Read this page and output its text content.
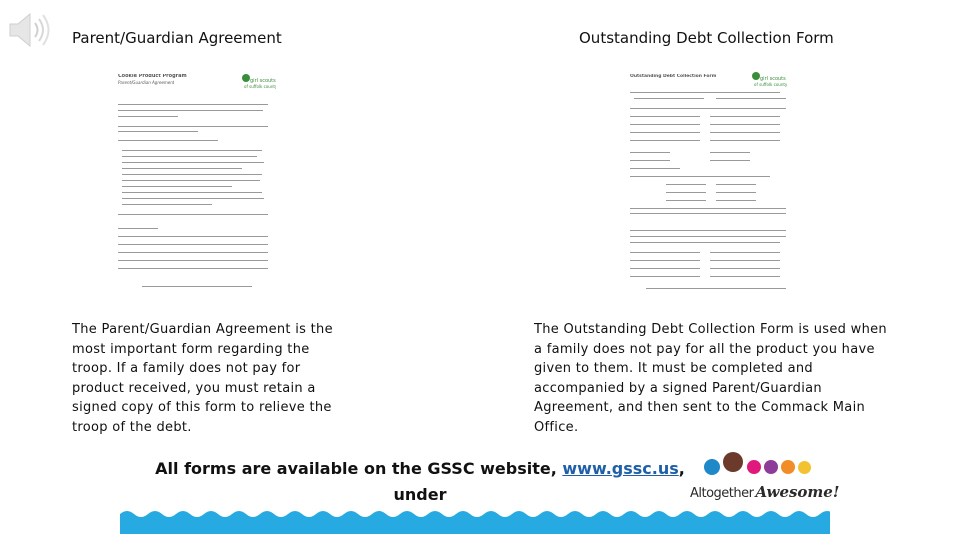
Parent/Guardian Agreement	Outstanding Debt Collection Form
Cookie Product Program
Parent/Guardian Agreement	girl scouts
of suffolk county
Outstanding Debt Collection Form	girl scouts
of suffolk county
The Parent/Guardian Agreement is the most important form regarding the troop. If a family does not pay for product received, you must retain a signed copy of this form to relieve the troop of the debt.
The Outstanding Debt Collection Form is used when a family does not pay for all the product you have given to them. It must be completed and accompanied by a signed Parent/Guardian Agreement, and then sent to the Commack Main Office.
All forms are available on the GSSC website, www.gssc.us, under	Altogether Awesome!
